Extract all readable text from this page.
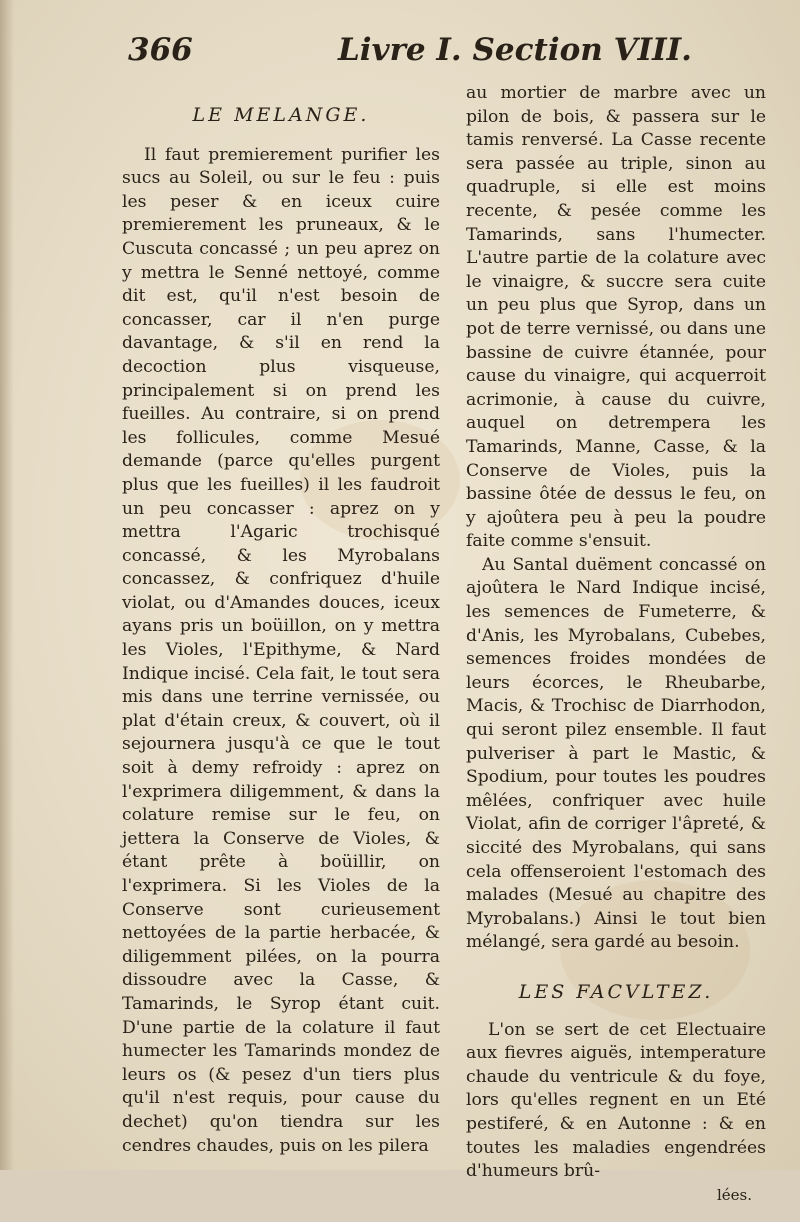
366	Livre I. Section VIII.

LE MELANGE.

Il faut premierement purifier les sucs au Soleil, ou sur le feu : puis les peser & en iceux cuire premierement les pruneaux, & le Cuscuta concassé ; un peu aprez on y mettra le Senné nettoyé, comme dit est, qu'il n'est besoin de concasser, car il n'en purge davantage, & s'il en rend la decoction plus visqueuse, principalement si on prend les fueilles. Au contraire, si on prend les follicules, comme Mesué demande (parce qu'elles purgent plus que les fueilles) il les faudroit un peu concasser : aprez on y mettra l'Agaric trochisqué concassé, & les Myrobalans concassez, & confriquez d'huile violat, ou d'Amandes douces, iceux ayans pris un boüillon, on y mettra les Violes, l'Epithyme, & Nard Indique incisé. Cela fait, le tout sera mis dans une terrine vernissée, ou plat d'étain creux, & couvert, où il sejournera jusqu'à ce que le tout soit à demy refroidy : aprez on l'exprimera diligemment, & dans la colature remise sur le feu, on jettera la Conserve de Violes, & étant prête à boüillir, on l'exprimera. Si les Violes de la Conserve sont curieusement nettoyées de la partie herbacée, & diligemment pilées, on la pourra dissoudre avec la Casse, & Tamarinds, le Syrop étant cuit. D'une partie de la colature il faut humecter les Tamarinds mondez de leurs os (& pesez d'un tiers plus qu'il n'est requis, pour cause du dechet) qu'on tiendra sur les cendres chaudes, puis on les pilera

au mortier de marbre avec un pilon de bois, & passera sur le tamis renversé. La Casse recente sera passée au triple, sinon au quadruple, si elle est moins recente, & pesée comme les Tamarinds, sans l'humecter. L'autre partie de la colature avec le vinaigre, & succre sera cuite un peu plus que Syrop, dans un pot de terre vernissé, ou dans une bassine de cuivre étannée, pour cause du vinaigre, qui acquerroit acrimonie, à cause du cuivre, auquel on detrempera les Tamarinds, Manne, Casse, & la Conserve de Violes, puis la bassine ôtée de dessus le feu, on y ajoûtera peu à peu la poudre faite comme s'ensuit.

Au Santal duëment concassé on ajoûtera le Nard Indique incisé, les semences de Fumeterre, & d'Anis, les Myrobalans, Cubebes, semences froides mondées de leurs écorces, le Rheubarbe, Macis, & Trochisc de Diarrhodon, qui seront pilez ensemble. Il faut pulveriser à part le Mastic, & Spodium, pour toutes les poudres mêlées, confriquer avec huile Violat, afin de corriger l'âpreté, & siccité des Myrobalans, qui sans cela offenseroient l'estomach des malades (Mesué au chapitre des Myrobalans.) Ainsi le tout bien mélangé, sera gardé au besoin.

LES FACVLTEZ.

L'on se sert de cet Electuaire aux fievres aiguës, intemperature chaude du ventricule & du foye, lors qu'elles regnent en un Eté pestiferé, & en Autonne : & en toutes les maladies engendrées d'humeurs brû-

lées.
